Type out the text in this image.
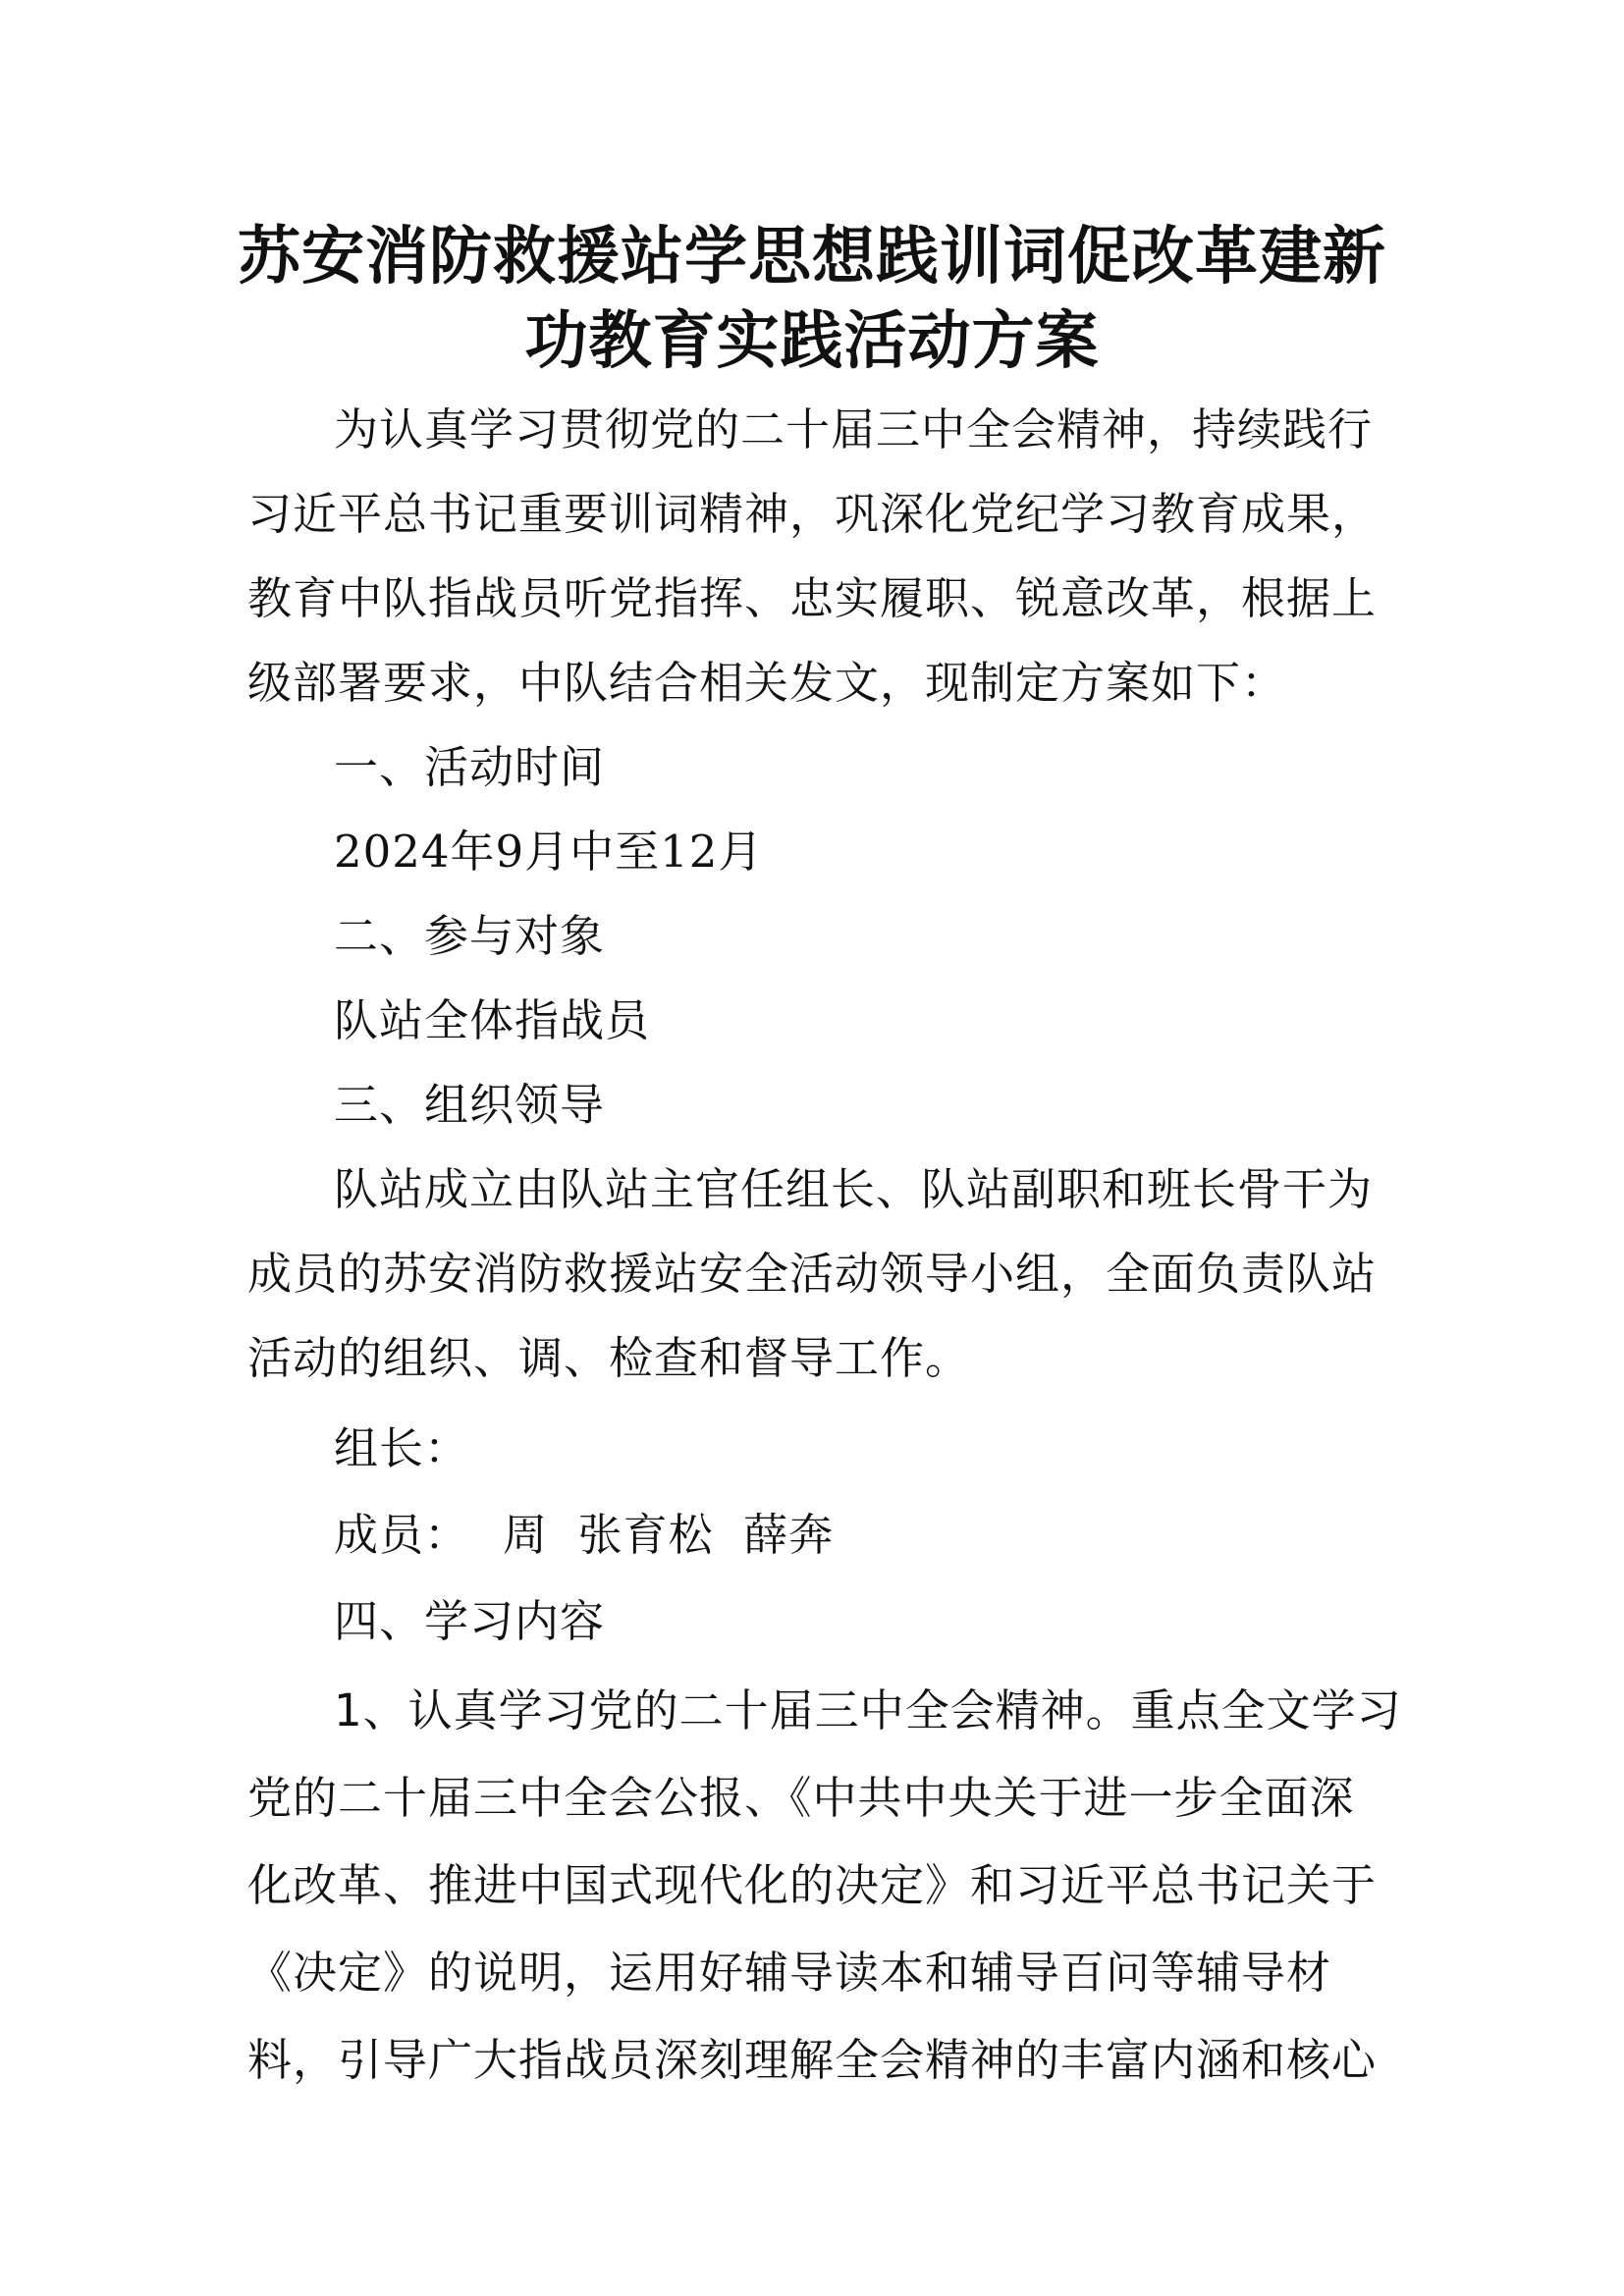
苏安消防救援站学思想践训词促改革建新
功教育实践活动方案
为认真学习贯彻党的二十届三中全会精神，持续践行
习近平总书记重要训词精神，巩深化党纪学习教育成果，
教育中队指战员听党指挥、忠实履职、锐意改革，根据上
级部署要求，中队结合相关发文，现制定方案如下：
一、活动时间
2024年9月中至12月
二、参与对象
队站全体指战员
三、组织领导
队站成立由队站主官任组长、队站副职和班长骨干为
成员的苏安消防救援站安全活动领导小组，全面负责队站
活动的组织、调、检查和督导工作。
组长：
成员： 周  张育松  薛奔
四、学习内容
1、认真学习党的二十届三中全会精神。重点全文学习
党的二十届三中全会公报、《中共中央关于进一步全面深
化改革、推进中国式现代化的决定》和习近平总书记关于
《决定》的说明，运用好辅导读本和辅导百问等辅导材
料，引导广大指战员深刻理解全会精神的丰富内涵和核心
